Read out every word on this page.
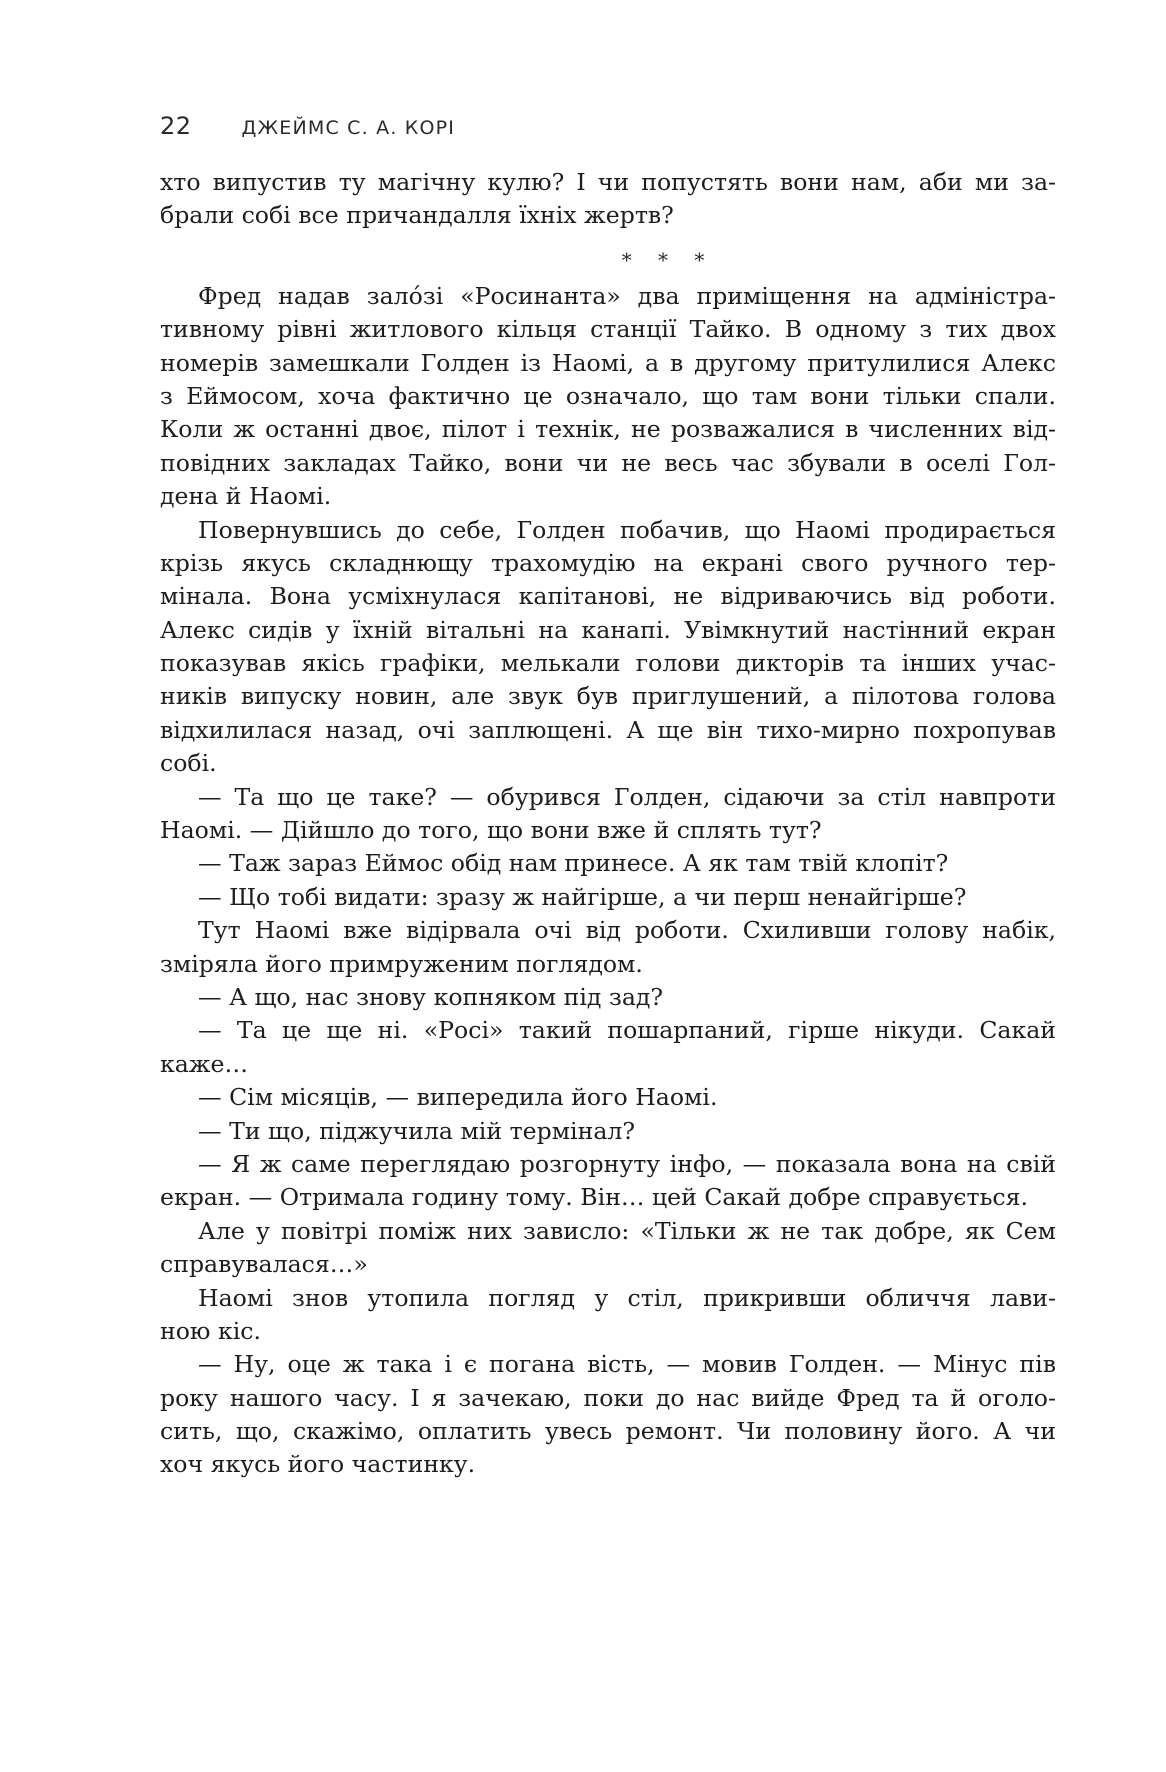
22	ДЖЕЙМС С. А. КОРІ
хто випустив ту магічну кулю? І чи попустять вони нам, аби ми за-
брали собі все причандалля їхніх жертв?
* * *
Фред надав залóзі «Росинанта» два приміщення на адміністра-
тивному рівні житлового кільця станції Тайко. В одному з тих двох
номерів замешкали Голден із Наомі, а в другому притулилися Алекс
з Еймосом, хоча фактично це означало, що там вони тільки спали.
Коли ж останні двоє, пілот і технік, не розважалися в численних від-
повідних закладах Тайко, вони чи не весь час збували в оселі Гол-
дена й Наомі.
Повернувшись до себе, Голден побачив, що Наомі продирається
крізь якусь складнющу трахомудію на екрані свого ручного тер-
мінала. Вона усміхнулася капітанові, не відриваючись від роботи.
Алекс сидів у їхній вітальні на канапі. Увімкнутий настінний екран
показував якісь графіки, мелькали голови дикторів та інших учас-
ників випуску новин, але звук був приглушений, а пілотова голова
відхилилася назад, очі заплющені. А ще він тихо-мирно похропував
собі.
— Та що це таке? — обурився Голден, сідаючи за стіл навпроти
Наомі. — Дійшло до того, що вони вже й сплять тут?
— Таж зараз Еймос обід нам принесе. А як там твій клопіт?
— Що тобі видати: зразу ж найгірше, а чи перш ненайгірше?
Тут Наомі вже відірвала очі від роботи. Схиливши голову набік,
зміряла його примруженим поглядом.
— А що, нас знову копняком під зад?
— Та це ще ні. «Росі» такий пошарпаний, гірше нікуди. Сакай
каже…
— Сім місяців, — випередила його Наомі.
— Ти що, піджучила мій термінал?
— Я ж саме переглядаю розгорнуту інфо, — показала вона на свій
екран. — Отримала годину тому. Він… цей Сакай добре справується.
Але у повітрі поміж них зависло: «Тільки ж не так добре, як Сем
справувалася…»
Наомі знов утопила погляд у стіл, прикривши обличчя лави-
ною кіс.
— Ну, оце ж така і є погана вість, — мовив Голден. — Мінус пів
року нашого часу. І я зачекаю, поки до нас вийде Фред та й оголо-
сить, що, скажімо, оплатить увесь ремонт. Чи половину його. А чи
хоч якусь його частинку.
